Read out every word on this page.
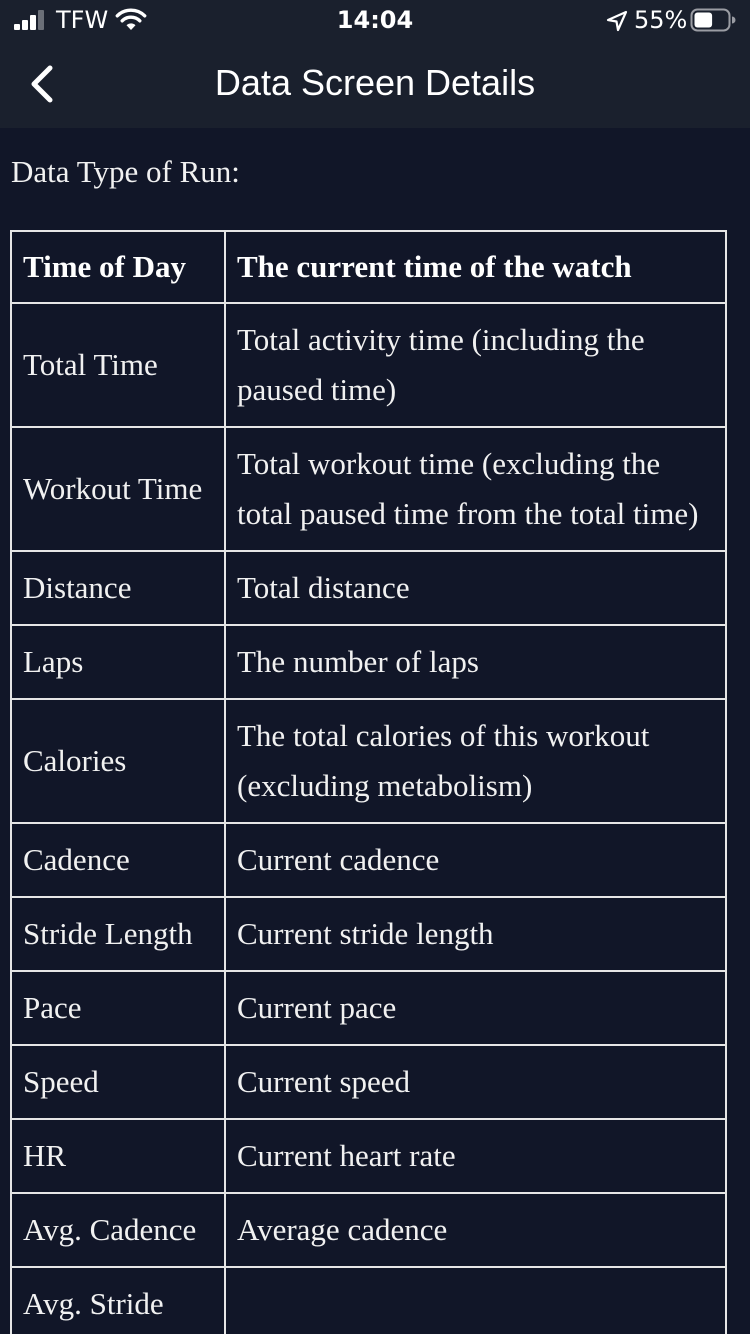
TFW	14:04	55%
Data Screen Details
Data Type of Run:
Time of Day	The current time of the watch
Total Time	Total activity time (including the paused time)
Workout Time	Total workout time (excluding the total paused time from the total time)
Distance	Total distance
Laps	The number of laps
Calories	The total calories of this workout (excluding metabolism)
Cadence	Current cadence
Stride Length	Current stride length
Pace	Current pace
Speed	Current speed
HR	Current heart rate
Avg. Cadence	Average cadence
Avg. Stride	
